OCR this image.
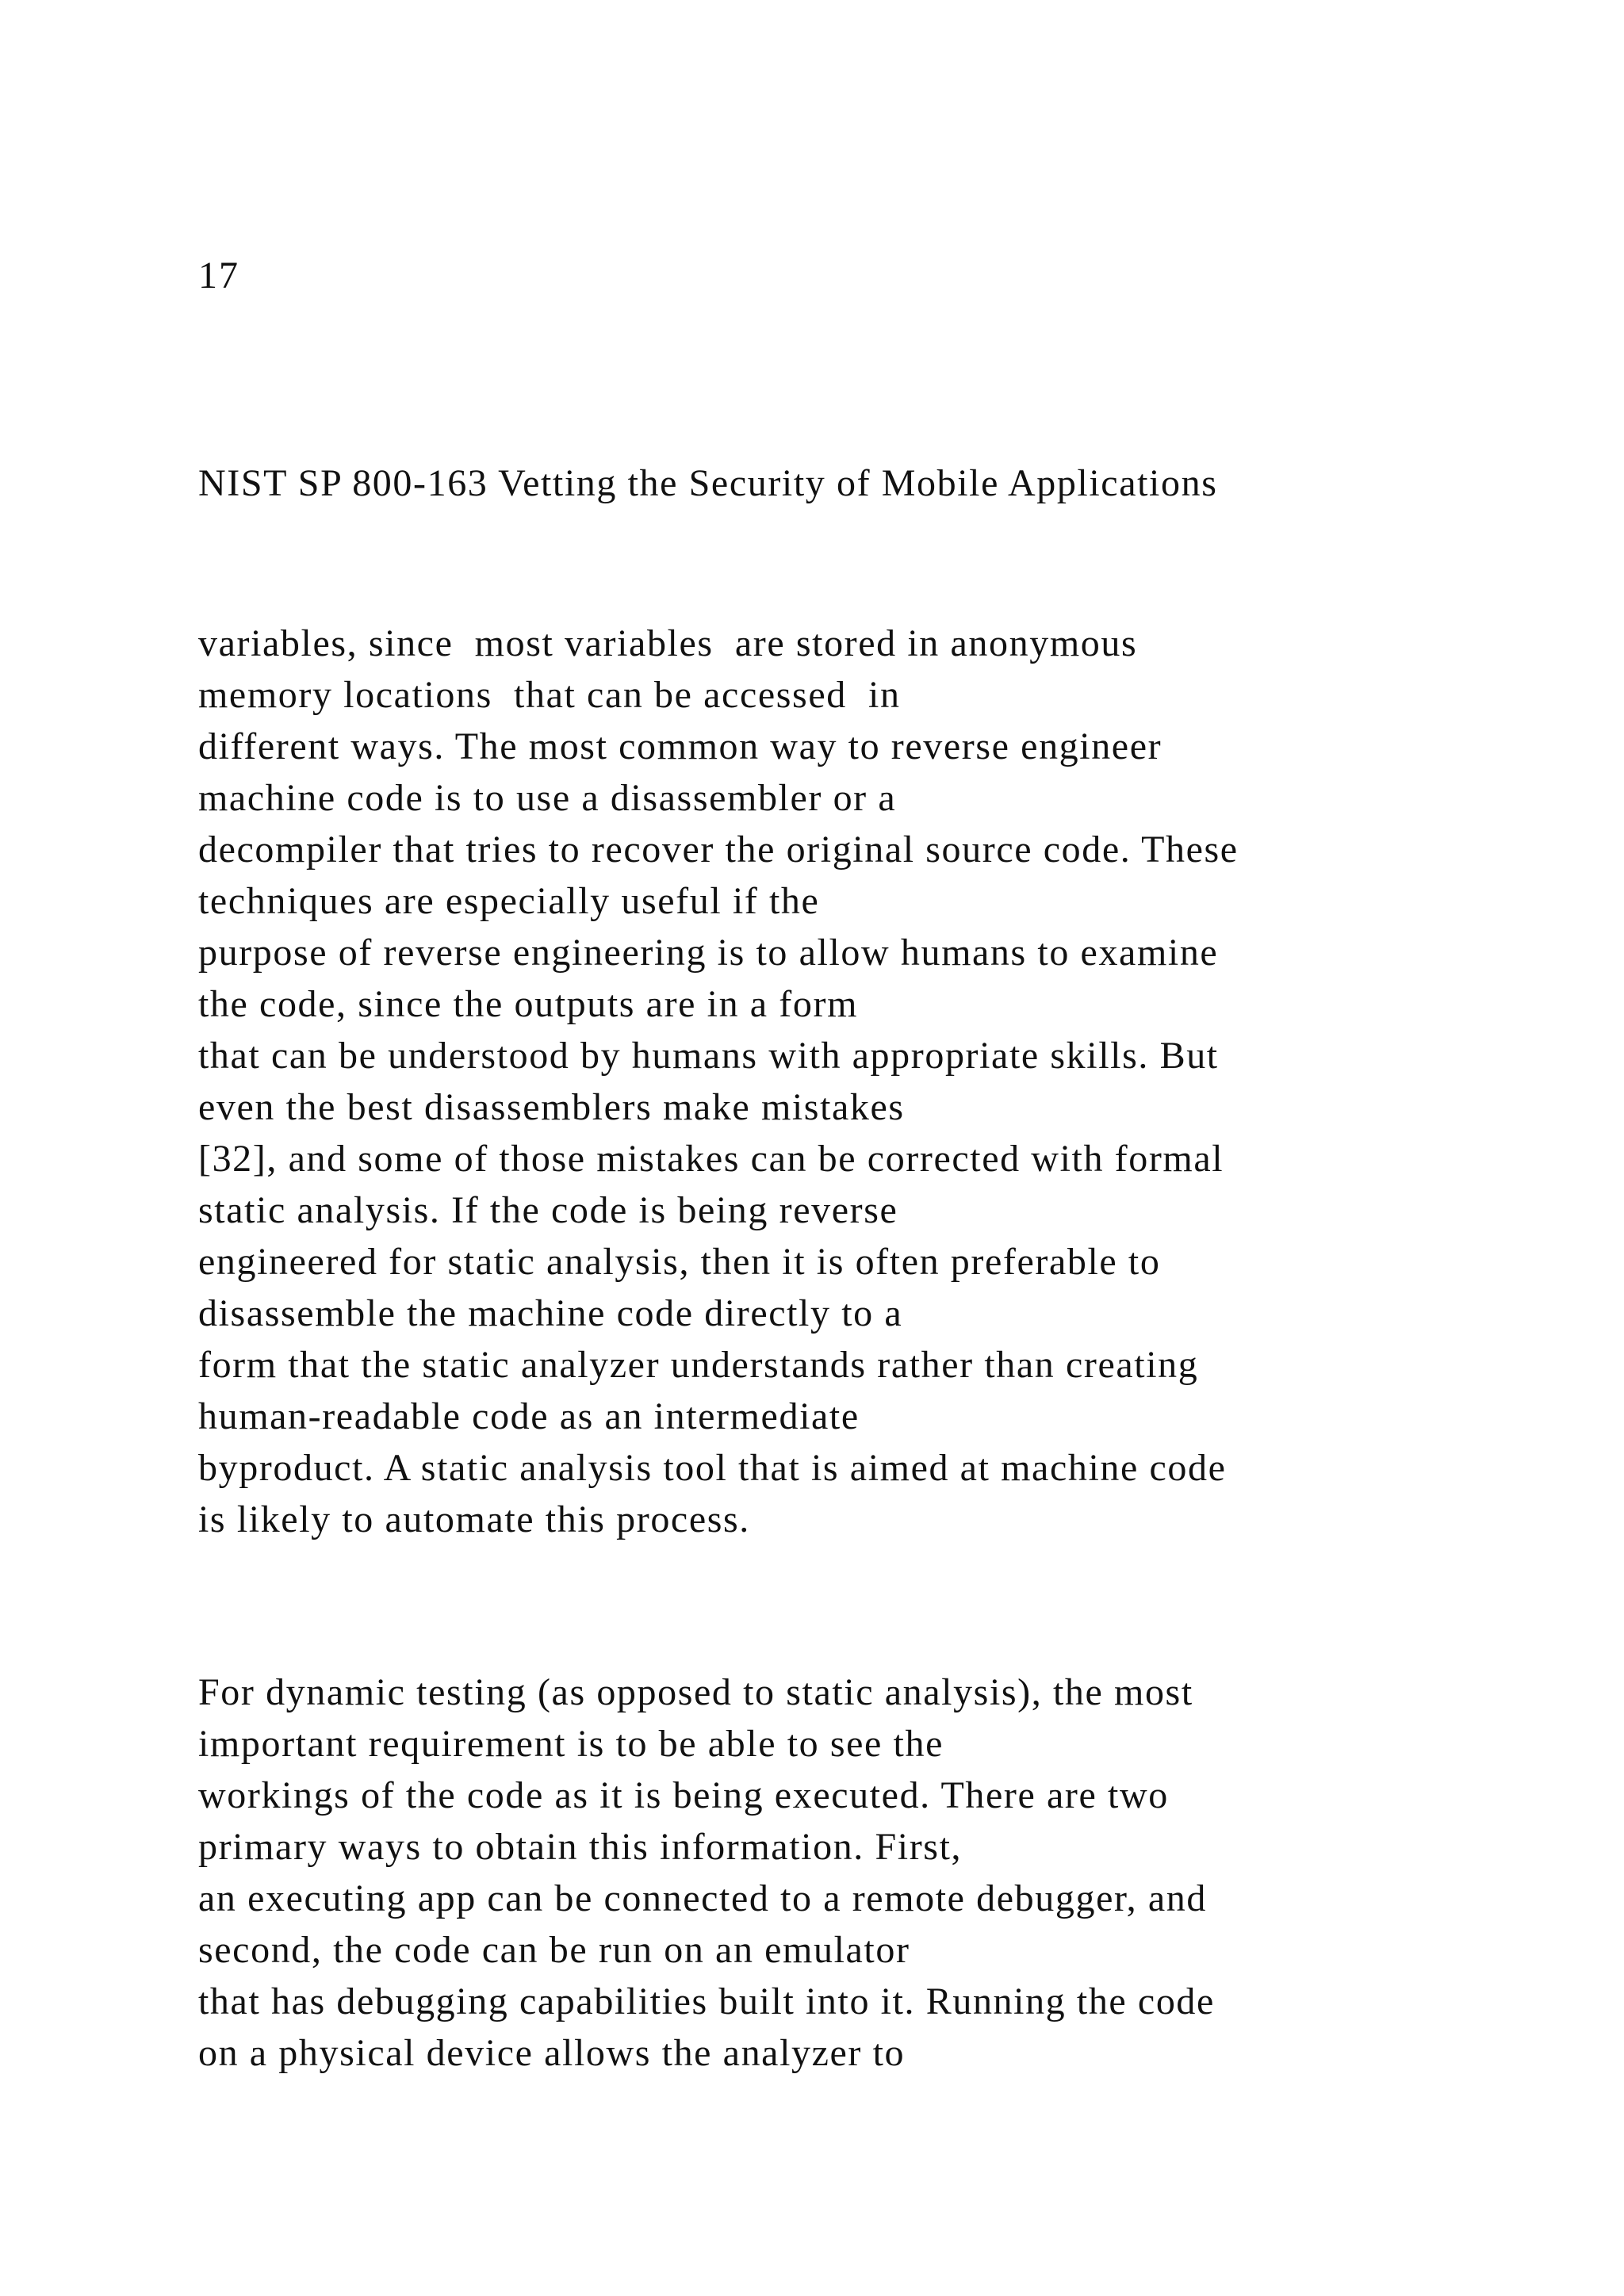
17
NIST SP 800-163 Vetting the Security of Mobile Applications
variables, since  most variables  are stored in anonymous
memory locations  that can be accessed  in
different ways. The most common way to reverse engineer
machine code is to use a disassembler or a
decompiler that tries to recover the original source code. These
techniques are especially useful if the
purpose of reverse engineering is to allow humans to examine
the code, since the outputs are in a form
that can be understood by humans with appropriate skills. But
even the best disassemblers make mistakes
[32], and some of those mistakes can be corrected with formal
static analysis. If the code is being reverse
engineered for static analysis, then it is often preferable to
disassemble the machine code directly to a
form that the static analyzer understands rather than creating
human-readable code as an intermediate
byproduct. A static analysis tool that is aimed at machine code
is likely to automate this process.
For dynamic testing (as opposed to static analysis), the most
important requirement is to be able to see the
workings of the code as it is being executed. There are two
primary ways to obtain this information. First,
an executing app can be connected to a remote debugger, and
second, the code can be run on an emulator
that has debugging capabilities built into it. Running the code
on a physical device allows the analyzer to
